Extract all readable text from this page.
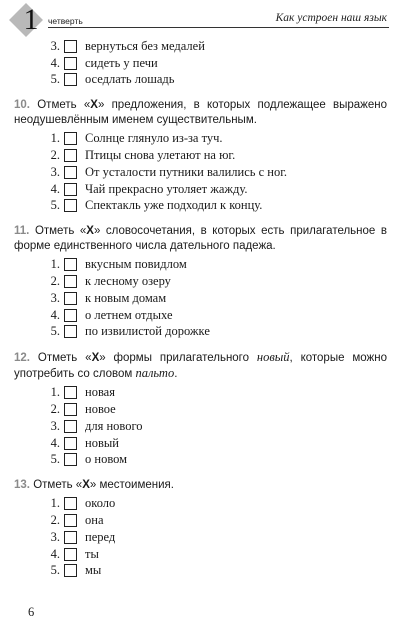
1	четверть	Как устроен наш язык
3. вернуться без медалей
4. сидеть у печи
5. оседлать лошадь

10. Отметь «X» предложения, в которых подлежащее выражено неодушевлённым именем существительным.

1. Солнце глянуло из-за туч.
2. Птицы снова улетают на юг.
3. От усталости путники валились с ног.
4. Чай прекрасно утоляет жажду.
5. Спектакль уже подходил к концу.

11. Отметь «X» словосочетания, в которых есть прилагательное в форме единственного числа дательного падежа.

1. вкусным повидлом
2. к лесному озеру
3. к новым домам
4. о летнем отдыхе
5. по извилистой дорожке

12. Отметь «X» формы прилагательного новый, которые можно употребить со словом пальто.

1. новая
2. новое
3. для нового
4. новый
5. о новом

13. Отметь «X» местоимения.

1. около
2. она
3. перед
4. ты
5. мы
6
